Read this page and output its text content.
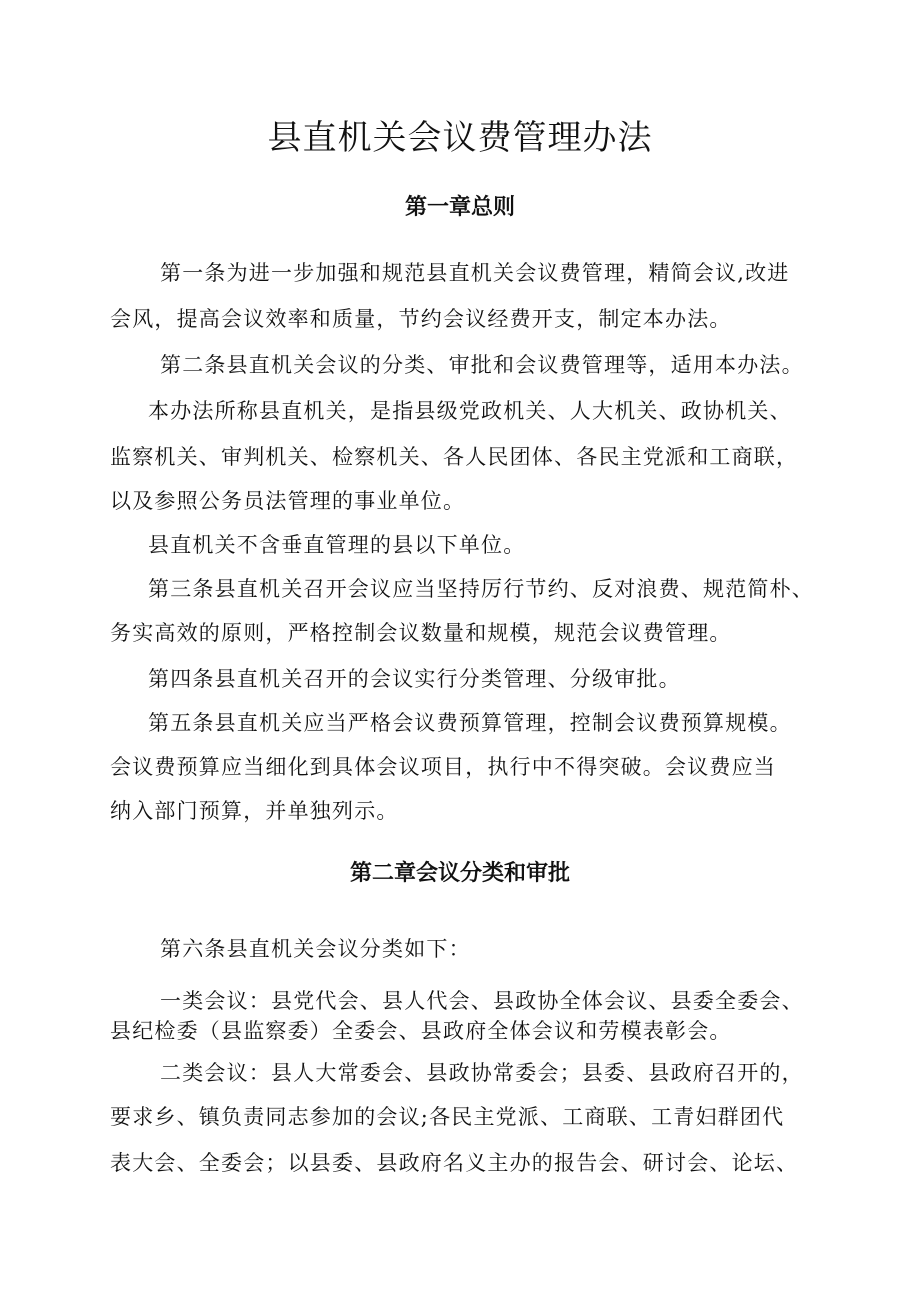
县直机关会议费管理办法
第一章总则

第一条为进一步加强和规范县直机关会议费管理，精简会议,改进

会风，提高会议效率和质量，节约会议经费开支，制定本办法。

第二条县直机关会议的分类、审批和会议费管理等，适用本办法。

本办法所称县直机关，是指县级党政机关、人大机关、政协机关、

监察机关、审判机关、检察机关、各人民团体、各民主党派和工商联，

以及参照公务员法管理的事业单位。

县直机关不含垂直管理的县以下单位。

第三条县直机关召开会议应当坚持厉行节约、反对浪费、规范简朴、

务实高效的原则，严格控制会议数量和规模，规范会议费管理。

第四条县直机关召开的会议实行分类管理、分级审批。

第五条县直机关应当严格会议费预算管理，控制会议费预算规模。

会议费预算应当细化到具体会议项目，执行中不得突破。会议费应当

纳入部门预算，并单独列示。

第二章会议分类和审批

第六条县直机关会议分类如下：

一类会议：县党代会、县人代会、县政协全体会议、县委全委会、

县纪检委（县监察委）全委会、县政府全体会议和劳模表彰会。

二类会议：县人大常委会、县政协常委会；县委、县政府召开的，

要求乡、镇负责同志参加的会议;各民主党派、工商联、工青妇群团代

表大会、全委会；以县委、县政府名义主办的报告会、研讨会、论坛、
